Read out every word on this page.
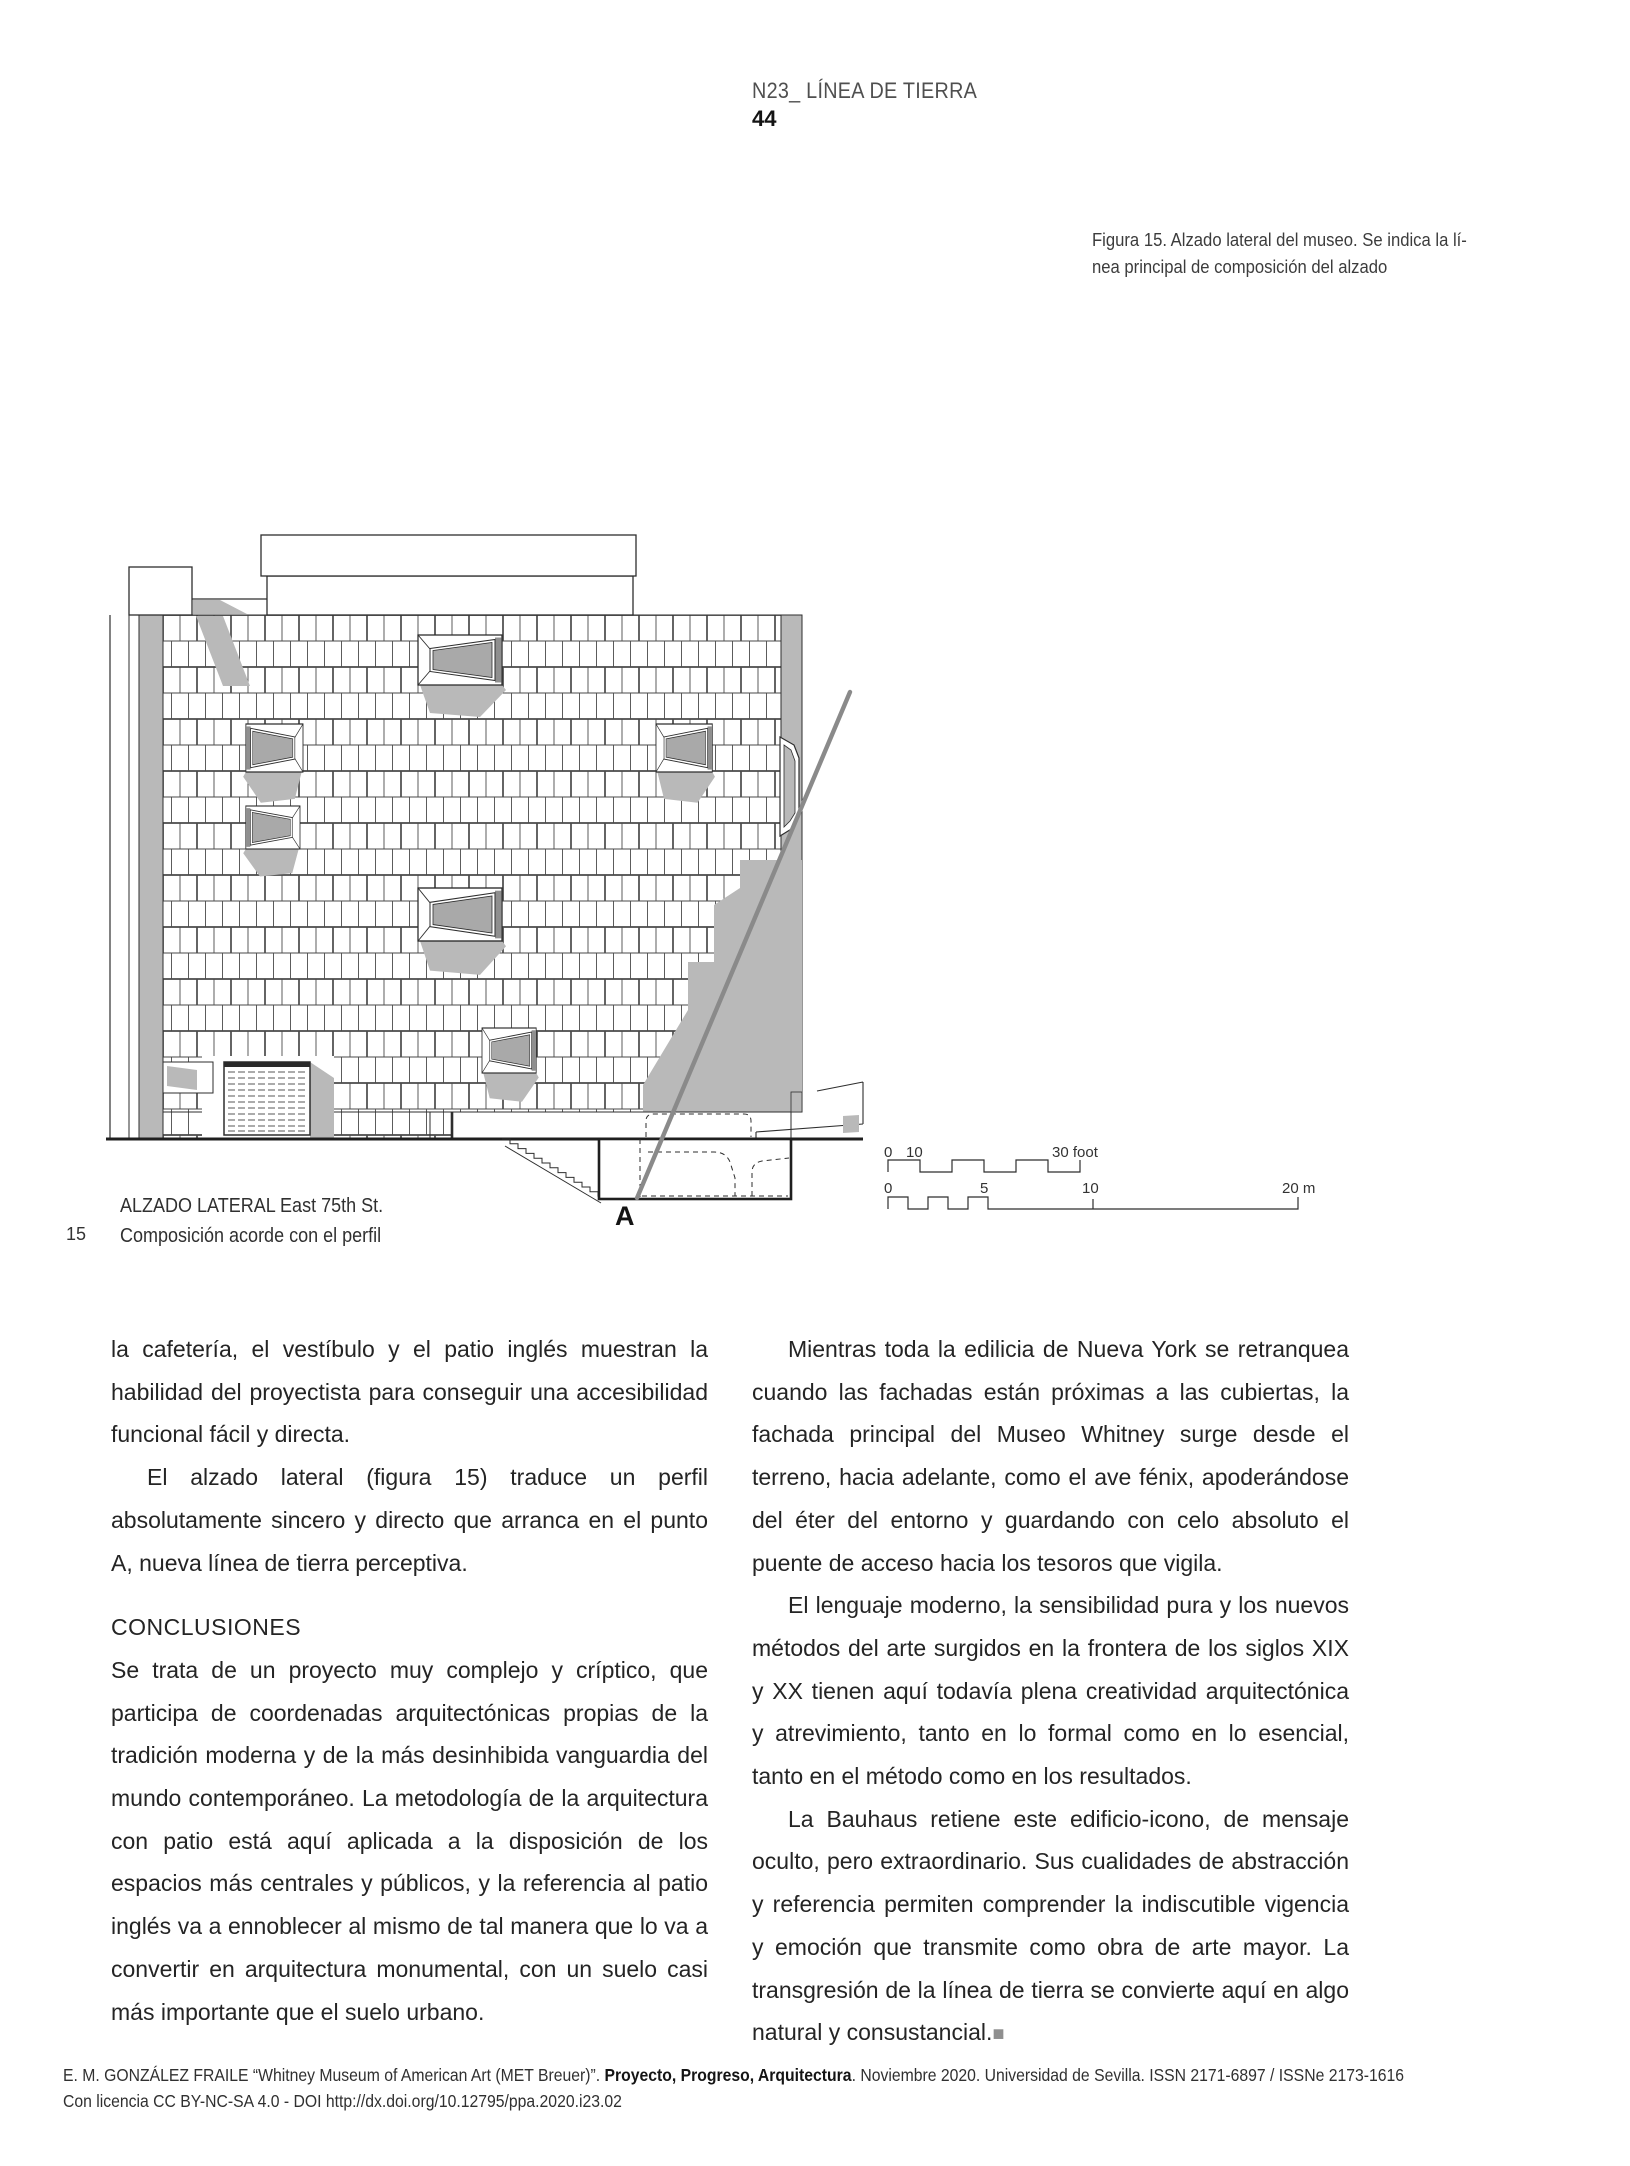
N23_ LÍNEA DE TIERRA
44
Figura 15. Alzado lateral del museo. Se indica la lí-
nea principal de composición del alzado
A
0 10	30 foot
0	5	10	20 m
15
ALZADO LATERAL East 75th St.
Composición acorde con el perfil

la cafetería, el vestíbulo y el patio inglés muestran la habilidad del proyectista para conseguir una accesibilidad funcional fácil y directa.

El alzado lateral (figura 15) traduce un perfil absolutamente sincero y directo que arranca en el punto A, nueva línea de tierra perceptiva.

CONCLUSIONES

Se trata de un proyecto muy complejo y críptico, que participa de coordenadas arquitectónicas propias de la tradición moderna y de la más desinhibida vanguardia del mundo contemporáneo. La metodología de la arquitectura con patio está aquí aplicada a la disposición de los espacios más centrales y públicos, y la referencia al patio inglés va a ennoblecer al mismo de tal manera que lo va a convertir en arquitectura monumental, con un suelo casi más importante que el suelo urbano.

Mientras toda la edilicia de Nueva York se retranquea cuando las fachadas están próximas a las cubiertas, la fachada principal del Museo Whitney surge desde el terreno, hacia adelante, como el ave fénix, apoderándose del éter del entorno y guardando con celo absoluto el puente de acceso hacia los tesoros que vigila.

El lenguaje moderno, la sensibilidad pura y los nuevos métodos del arte surgidos en la frontera de los siglos XIX y XX tienen aquí todavía plena creatividad arquitectónica y atrevimiento, tanto en lo formal como en lo esencial, tanto en el método como en los resultados.

La Bauhaus retiene este edificio-icono, de mensaje oculto, pero extraordinario. Sus cualidades de abstracción y referencia permiten comprender la indiscutible vigencia y emoción que transmite como obra de arte mayor. La transgresión de la línea de tierra se convierte aquí en algo natural y consustancial.■

E. M. GONZÁLEZ FRAILE “Whitney Museum of American Art (MET Breuer)”. Proyecto, Progreso, Arquitectura. Noviembre 2020. Universidad de Sevilla. ISSN 2171-6897 / ISSNe 2173-1616
Con licencia CC BY-NC-SA 4.0 - DOI http://dx.doi.org/10.12795/ppa.2020.i23.02
